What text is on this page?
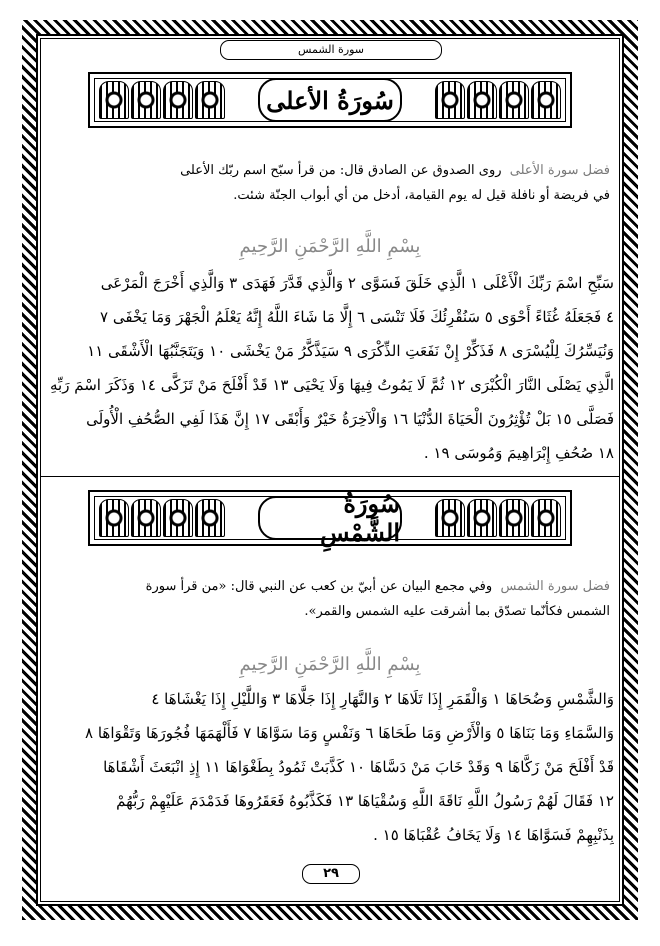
سورة الشمس
سُورَةُ الأعلى
فضل سورة الأعلى  روى الصدوق عن الصادق قال: من قرأ سبّح اسم ربّك الأعلى
في فريضة أو نافلة قيل له يوم القيامة، أدخل من أي أبواب الجنّة شئت.
بِسْمِ اللَّهِ الرَّحْمَنِ الرَّحِيمِ
سَبِّحِ اسْمَ رَبِّكَ الْأَعْلَى ١ الَّذِي خَلَقَ فَسَوَّى ٢ وَالَّذِي قَدَّرَ فَهَدَى ٣ وَالَّذِي أَخْرَجَ الْمَرْعَى
٤ فَجَعَلَهُ غُثَاءً أَحْوَى ٥ سَنُقْرِئُكَ فَلَا تَنْسَى ٦ إِلَّا مَا شَاءَ اللَّهُ إِنَّهُ يَعْلَمُ الْجَهْرَ وَمَا يَخْفَى ٧
وَنُيَسِّرُكَ لِلْيُسْرَى ٨ فَذَكِّرْ إِنْ نَفَعَتِ الذِّكْرَى ٩ سَيَذَّكَّرُ مَنْ يَخْشَى ١٠ وَيَتَجَنَّبُهَا الْأَشْقَى ١١
الَّذِي يَصْلَى النَّارَ الْكُبْرَى ١٢ ثُمَّ لَا يَمُوتُ فِيهَا وَلَا يَحْيَى ١٣ قَدْ أَفْلَحَ مَنْ تَزَكَّى ١٤ وَذَكَرَ اسْمَ رَبِّهِ
فَصَلَّى ١٥ بَلْ تُؤْثِرُونَ الْحَيَاةَ الدُّنْيَا ١٦ وَالْآخِرَةُ خَيْرٌ وَأَبْقَى ١٧ إِنَّ هَذَا لَفِي الصُّحُفِ الْأُولَى
١٨ صُحُفِ إِبْرَاهِيمَ وَمُوسَى ١٩ .
سُورَةُ الشَّمْسِ
فضل سورة الشمس  وفي مجمع البيان عن أبيّ بن كعب عن النبي قال: «من قرأ سورة
الشمس فكأنّما تصدّق بما أشرقت عليه الشمس والقمر».
بِسْمِ اللَّهِ الرَّحْمَنِ الرَّحِيمِ
وَالشَّمْسِ وَضُحَاهَا ١ وَالْقَمَرِ إِذَا تَلَاهَا ٢ وَالنَّهَارِ إِذَا جَلَّاهَا ٣ وَاللَّيْلِ إِذَا يَغْشَاهَا ٤
وَالسَّمَاءِ وَمَا بَنَاهَا ٥ وَالْأَرْضِ وَمَا طَحَاهَا ٦ وَنَفْسٍ وَمَا سَوَّاهَا ٧ فَأَلْهَمَهَا فُجُورَهَا وَتَقْوَاهَا ٨
قَدْ أَفْلَحَ مَنْ زَكَّاهَا ٩ وَقَدْ خَابَ مَنْ دَسَّاهَا ١٠ كَذَّبَتْ ثَمُودُ بِطَغْوَاهَا ١١ إِذِ انْبَعَثَ أَشْقَاهَا
١٢ فَقَالَ لَهُمْ رَسُولُ اللَّهِ نَاقَةَ اللَّهِ وَسُقْيَاهَا ١٣ فَكَذَّبُوهُ فَعَقَرُوهَا فَدَمْدَمَ عَلَيْهِمْ رَبُّهُمْ
بِذَنْبِهِمْ فَسَوَّاهَا ١٤ وَلَا يَخَافُ عُقْبَاهَا ١٥ .
٢٩
